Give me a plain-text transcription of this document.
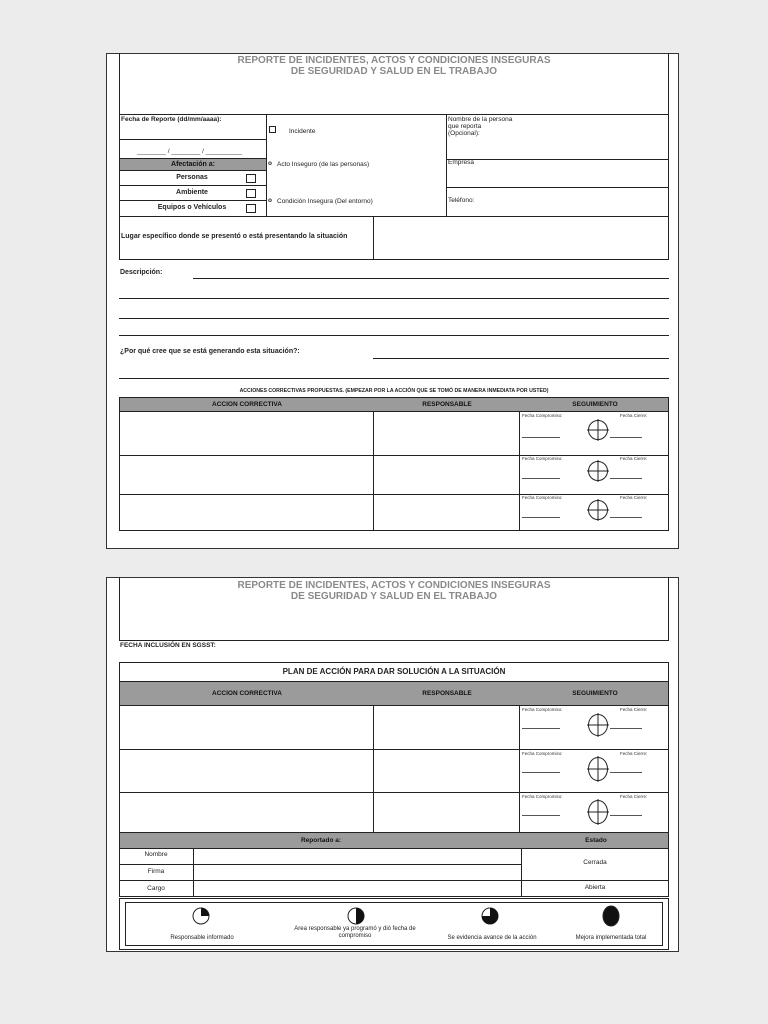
REPORTE DE INCIDENTES, ACTOS Y CONDICIONES INSEGURAS
DE SEGURIDAD Y SALUD EN EL TRABAJO
Fecha de Reporte (dd/mm/aaaa):
________ / ________ / __________
Afectación a:
Personas
Ambiente
Equipos o Vehículos
Incidente
o Acto Inseguro (de las personas)
o Condición Insegura (Del entorno)
Nombre de la persona
que reporta
(Opcional):
Empresa
Teléfono:
Lugar específico donde se presentó o está presentando la situación
Descripción:
¿Por qué cree que se está generando esta situación?:
ACCIONES CORRECTIVAS PROPUESTAS. (EMPEZAR POR LA ACCIÓN QUE SE TOMÓ DE MANERA INMEDIATA POR USTED)
ACCION CORRECTIVA	RESPONSABLE	SEGUIMIENTO
Fecha Compromiso:	Fecha Cierre:
Fecha Compromiso:	Fecha Cierre:
Fecha Compromiso:	Fecha Cierre:
REPORTE DE INCIDENTES, ACTOS Y CONDICIONES INSEGURAS
DE SEGURIDAD Y SALUD EN EL TRABAJO
FECHA INCLUSIÓN EN SGSST:
PLAN DE ACCIÓN PARA DAR SOLUCIÓN A LA SITUACIÓN
ACCION CORRECTIVA	RESPONSABLE	SEGUIMIENTO
Fecha Compromiso:	Fecha Cierre:
Fecha Compromiso:	Fecha Cierre:
Fecha Compromiso:	Fecha Cierre:
Reportado a:	Estado
Nombre
Firma
Cargo
Cerrada
Abierta
Responsable informado
Area responsable ya programó y dió fecha de compromiso	Se evidencia avance de la acción	Mejora implementada total
